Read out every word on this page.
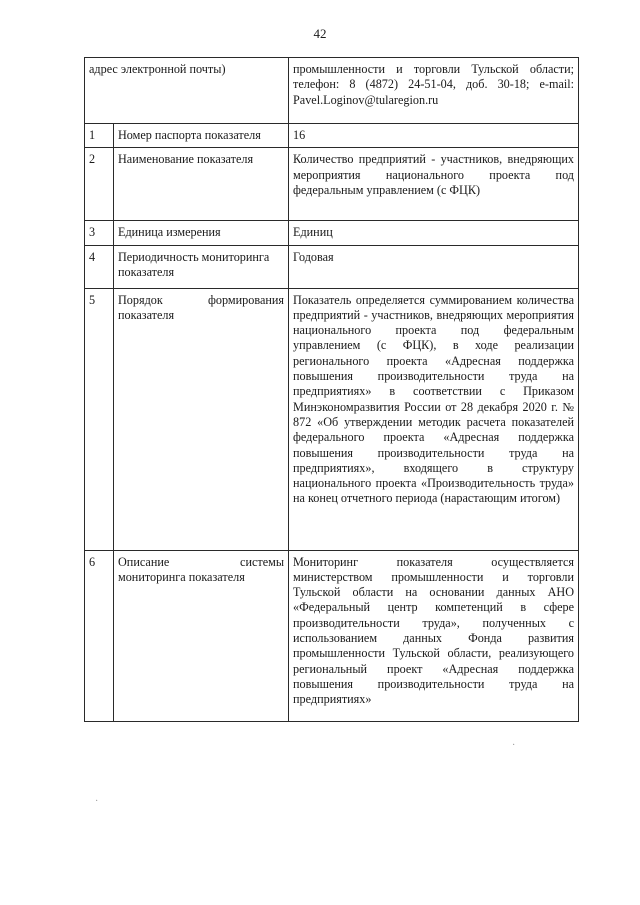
42
адрес электронной почты)		промышленности и торговли Тульской области; телефон: 8 (4872) 24-51-04, доб. 30-18; e-mail: Pavel.Loginov@tularegion.ru
1	Номер паспорта показателя	16
2	Наименование показателя	Количество предприятий - участников, внедряющих мероприятия национального проекта под федеральным управлением (с ФЦК)
3	Единица измерения	Единиц
4	Периодичность мониторинга показателя	Годовая
5	Порядок формирования показателя	Показатель определяется суммированием количества предприятий - участников, внедряющих мероприятия национального проекта под федеральным управлением (с ФЦК), в ходе реализации регионального проекта «Адресная поддержка повышения производительности труда на предприятиях» в соответствии с Приказом Минэкономразвития России от 28 декабря 2020 г. № 872 «Об утверждении методик расчета показателей федерального проекта «Адресная поддержка повышения производительности труда на предприятиях», входящего в структуру национального проекта «Производительность труда» на конец отчетного периода (нарастающим итогом)
6	Описание системы мониторинга показателя	Мониторинг показателя осуществляется министерством промышленности и торговли Тульской области на основании данных АНО «Федеральный центр компетенций в сфере производительности труда», полученных с использованием данных Фонда развития промышленности Тульской области, реализующего региональный проект «Адресная поддержка повышения производительности труда на предприятиях»
·
·
